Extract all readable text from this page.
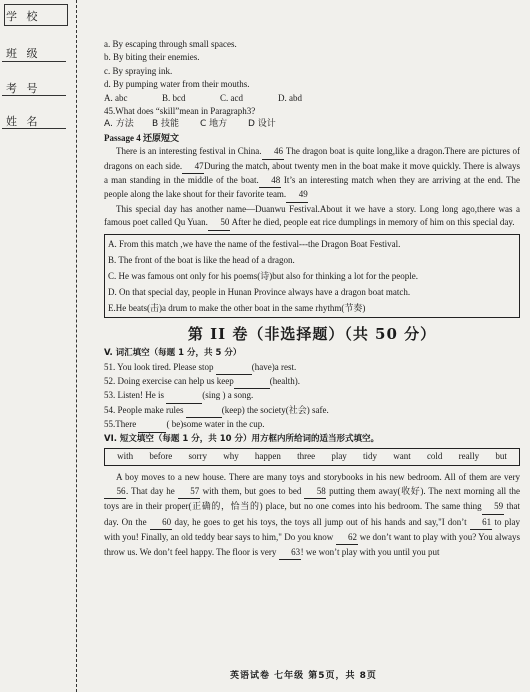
学 校
班 级
考 号
姓 名
a. By escaping through small spaces.
b. By biting their enemies.
c. By spraying ink.
d. By pumping water from their mouths.
A. abc	B. bcd	C. acd	D. abd
45.What does “skill”mean in Paragraph3?
A. 方法 B 技能 C 地方 D 设计
Passage 4 还原短文
There is an interesting festival in China. 46 The dragon boat is quite long,like a dragon.There are pictures of dragons on each side. 47During the match, about twenty men in the boat make it move quickly. There is always a man standing in the middle of the boat. 48 It’s an interesting match when they are arriving at the end. The people along the lake shout for their favorite team. 49
This special day has another name—Duanwu Festival.About it we have a story. Long long ago,there was a famous poet called Qu Yuan. 50 After he died, people eat rice dumplings in memory of him on this special day.
A. From this match ,we have the name of the festival---the Dragon Boat Festival.
B. The front of the boat is like the head of a dragon.
C. He was famous ont only for his poems(诗)but also for thinking a lot for the people.
D. On that special day, people in Hunan Province always have a dragon boat match.
E.He beats(击)a drum to make the other boat in the same rhythm(节奏)
第 II 卷（非选择题）（共 50 分）
V. 词汇填空（每题 1 分，共 5 分）
51. You look tired. Please stop	(have)a rest.
52. Doing exercise can help us keep	(health).
53. Listen! He is	(sing ) a song.
54. People make rules	(keep) the society(社会) safe.
55.There	( be)some water in the cup.
VI. 短文填空（每题 1 分，共 10 分）用方框内所给词的适当形式填空。
with before sorry why happen three play tidy want cold really but
A boy moves to a new house. There are many toys and storybooks in his new bedroom. All of them are very 56. That day he 57 with them, but goes to bed 58 putting them away(收好). The next morning all the toys are in their proper(正确的，恰当的) place, but no one comes into his bedroom. The same thing 59 that day. On the 60 day, he goes to get his toys, the toys all jump out of his hands and say,"I don’t 61 to play with you! Finally, an old teddy bear says to him," Do you know 62 we don’t want to play with you? You always throw us. We don’t feel happy. The floor is very 63! we won’t play with you until you put
英语试卷 七年级 第5页，共 8页
